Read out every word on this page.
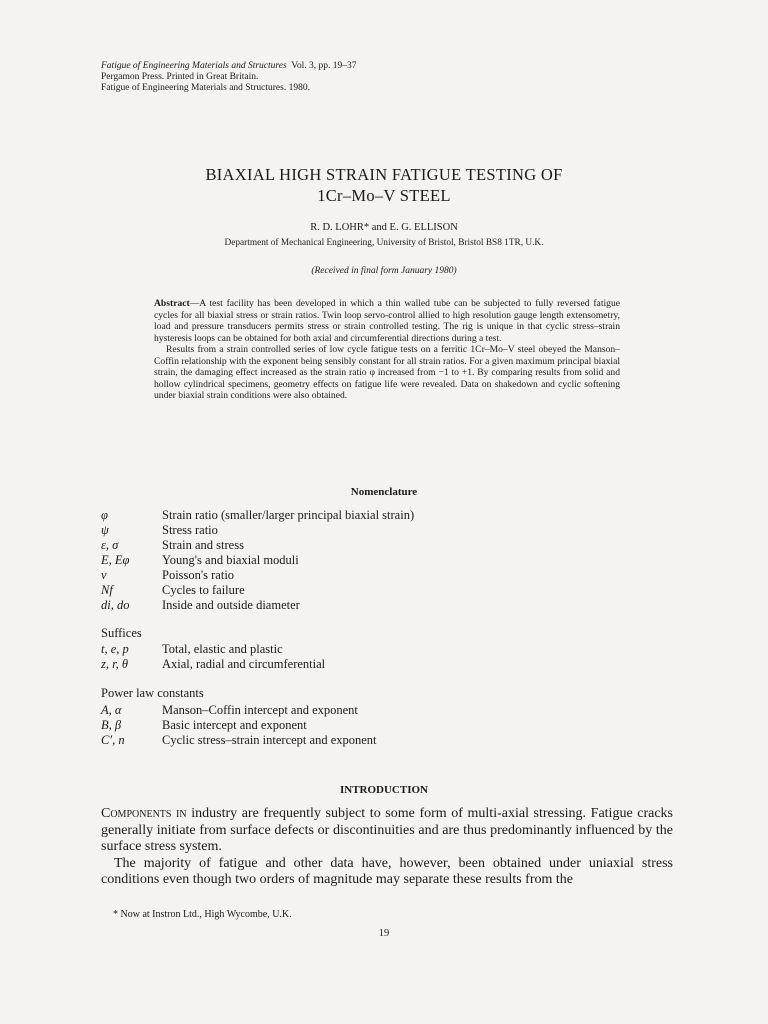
Fatigue of Engineering Materials and Structures Vol. 3, pp. 19–37
Pergamon Press. Printed in Great Britain.
Fatigue of Engineering Materials and Structures. 1980.
BIAXIAL HIGH STRAIN FATIGUE TESTING OF
1Cr–Mo–V STEEL
R. D. LOHR* and E. G. ELLISON
Department of Mechanical Engineering, University of Bristol, Bristol BS8 1TR, U.K.
(Received in final form January 1980)

Abstract—A test facility has been developed in which a thin walled tube can be subjected to fully reversed fatigue cycles for all biaxial stress or strain ratios. Twin loop servo-control allied to high resolution gauge length extensometry, load and pressure transducers permits stress or strain controlled testing. The rig is unique in that cyclic stress–strain hysteresis loops can be obtained for both axial and circumferential directions during a test.

Results from a strain controlled series of low cycle fatigue tests on a ferritic 1Cr–Mo–V steel obeyed the Manson–Coffin relationship with the exponent being sensibly constant for all strain ratios. For a given maximum principal biaxial strain, the damaging effect increased as the strain ratio φ increased from −1 to +1. By comparing results from solid and hollow cylindrical specimens, geometry effects on fatigue life were revealed. Data on shakedown and cyclic softening under biaxial strain conditions were also obtained.

Nomenclature
φ	Strain ratio (smaller/larger principal biaxial strain)
ψ	Stress ratio
ε, σ	Strain and stress
E, Eφ	Young's and biaxial moduli
ν	Poisson's ratio
Nf	Cycles to failure
di, do	Inside and outside diameter
Suffices
t, e, p	Total, elastic and plastic
z, r, θ	Axial, radial and circumferential
Power law constants
A, α	Manson–Coffin intercept and exponent
B, β	Basic intercept and exponent
C′, n	Cyclic stress–strain intercept and exponent
INTRODUCTION

Components in industry are frequently subject to some form of multi-axial stressing. Fatigue cracks generally initiate from surface defects or discontinuities and are thus predominantly influenced by the surface stress system.

The majority of fatigue and other data have, however, been obtained under uniaxial stress conditions even though two orders of magnitude may separate these results from the

* Now at Instron Ltd., High Wycombe, U.K.
19
